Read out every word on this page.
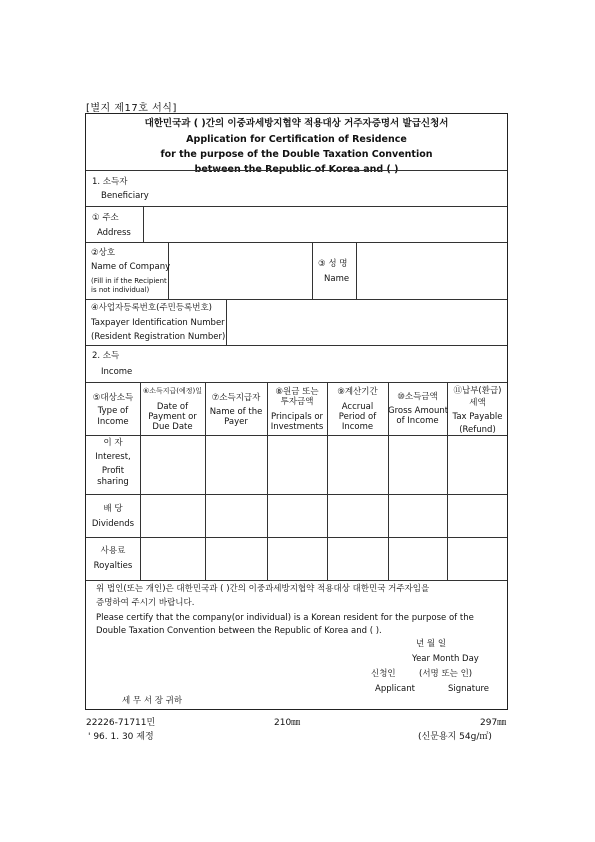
[별지 제17호 서식]
대한민국과 ( )간의 이중과세방지협약 적용대상 거주자증명서 발급신청서
Application for Certification of Residence
for the purpose of the Double Taxation Convention
between the Republic of Korea and ( )
1. 소득자
Beneficiary
① 주소
Address
②상호
Name of Company
(Fill in if the Recipient
is not individual)
③ 성 명
Name
④사업자등록번호(주민등록번호)
Taxpayer Identification Number
(Resident Registration Number)
2. 소득
Income
⑤대상소득
Type of
Income
⑥소득지급(예정)일
Date of
Payment or
Due Date
⑦소득지급자
Name of the
Payer
⑧원금 또는
투자금액
Principals or
Investments
⑨계산기간
Accrual
Period of
Income
⑩소득금액
Gross Amount
of Income
⑪납부(환급)
세액
Tax Payable
(Refund)
이 자
Interest,
Profit
sharing
배 당
Dividends
사용료
Royalties
위 법인(또는 개인)은 대한민국과 ( )간의 이중과세방지협약 적용대상 대한민국 거주자임을
증명하여 주시기 바랍니다.
Please certify that the company(or individual) is a Korean resident for the purpose of the
Double Taxation Convention between the Republic of Korea and ( ).
년 월 일
Year Month Day
신청인	(서명 또는 인)
Applicant	Signature
세 무 서 장 귀하
22226-71711민	210㎜	297㎜
' 96. 1. 30 제정	(신문용지 54g/㎡)
